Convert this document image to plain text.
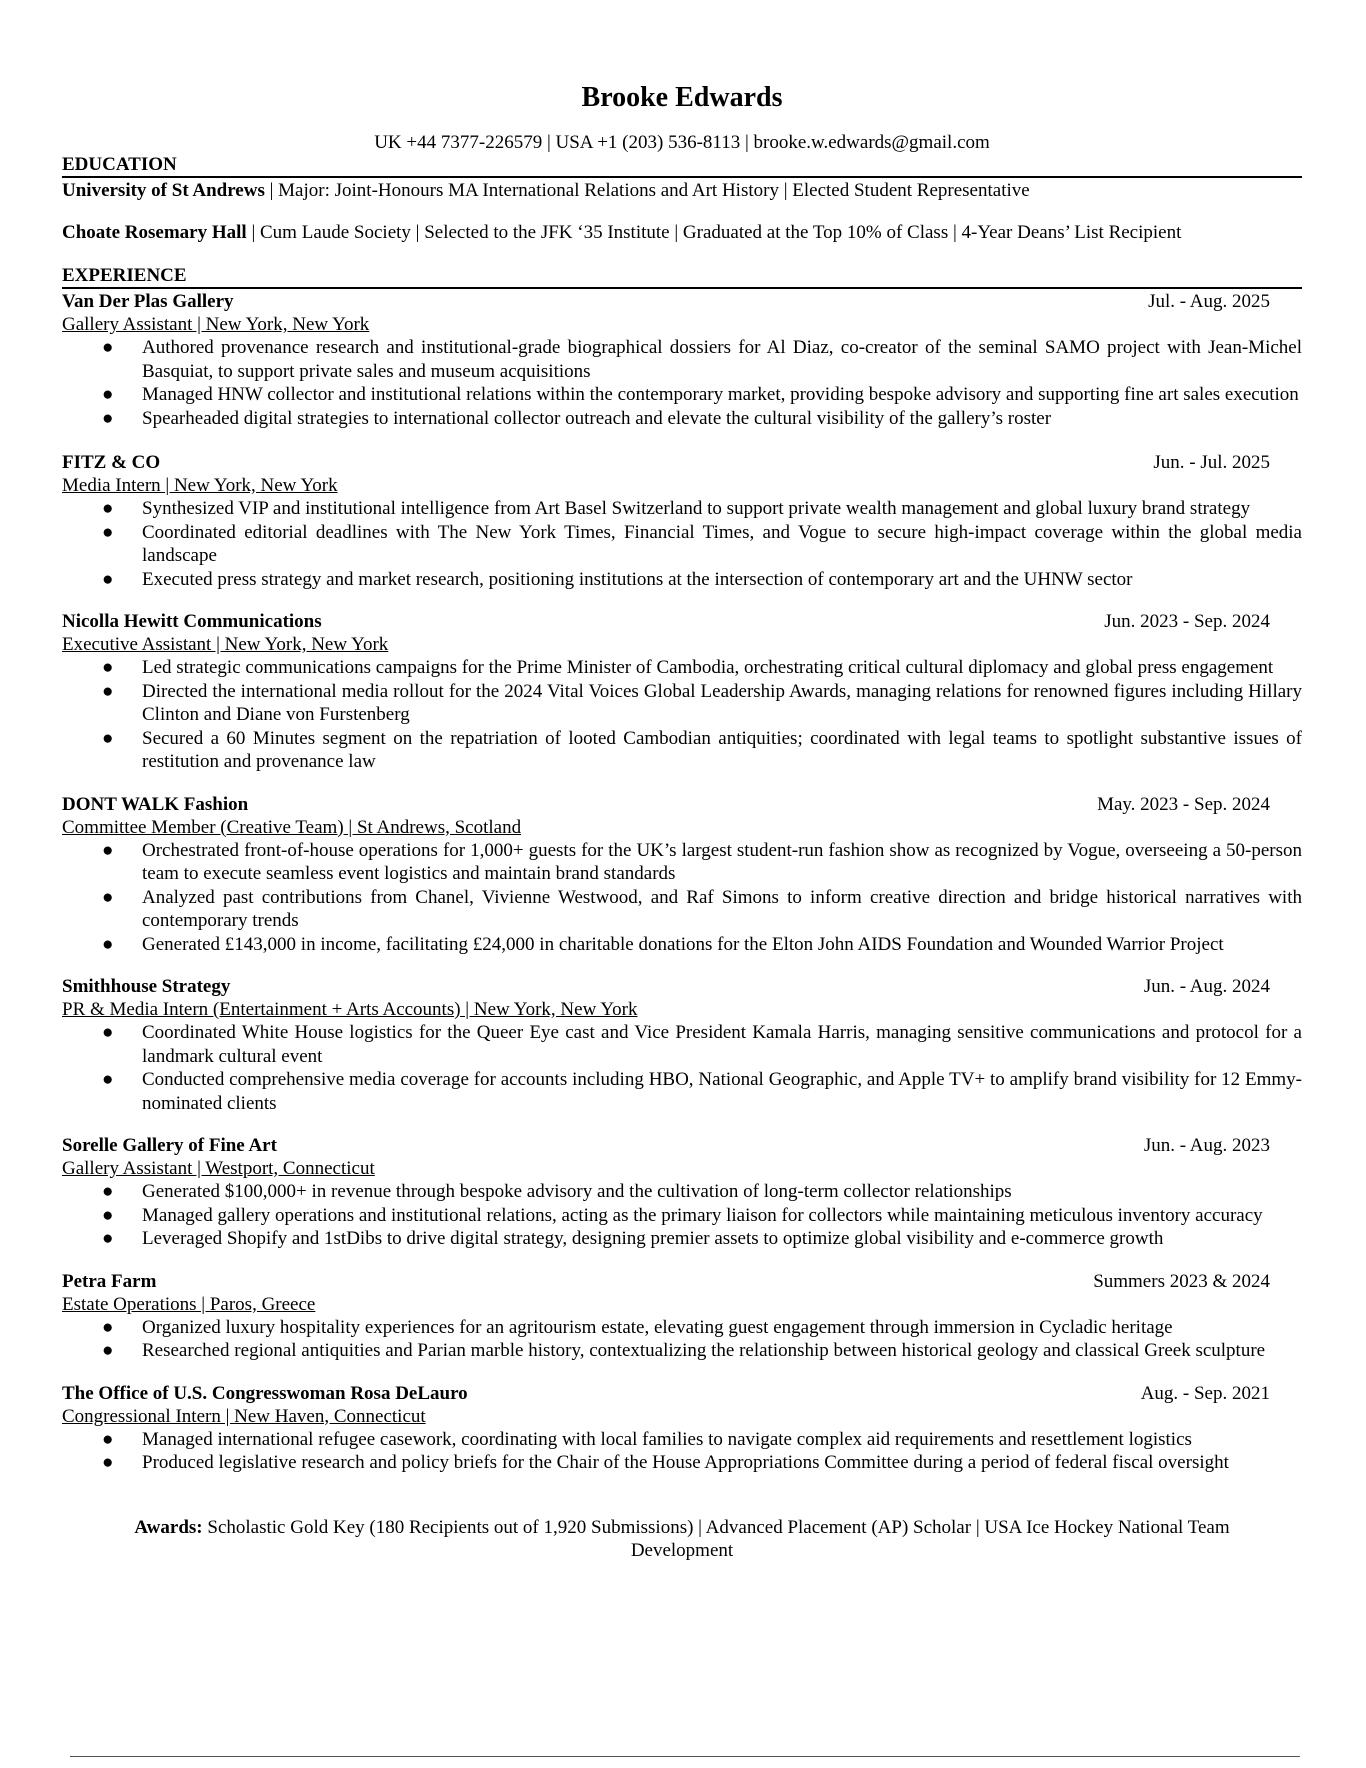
Brooke Edwards
UK +44 7377-226579 | USA +1 (203) 536-8113 | brooke.w.edwards@gmail.com
EDUCATION
University of St Andrews | Major: Joint-Honours MA International Relations and Art History | Elected Student Representative
Choate Rosemary Hall | Cum Laude Society | Selected to the JFK ‘35 Institute | Graduated at the Top 10% of Class | 4-Year Deans’ List Recipient
EXPERIENCE
Van Der Plas Gallery	Jul. - Aug. 2025
Gallery Assistant | New York, New York
● Authored provenance research and institutional-grade biographical dossiers for Al Diaz, co-creator of the seminal SAMO project with Jean-Michel Basquiat, to support private sales and museum acquisitions
● Managed HNW collector and institutional relations within the contemporary market, providing bespoke advisory and supporting fine art sales execution
● Spearheaded digital strategies to international collector outreach and elevate the cultural visibility of the gallery’s roster
FITZ & CO	Jun. - Jul. 2025
Media Intern | New York, New York
● Synthesized VIP and institutional intelligence from Art Basel Switzerland to support private wealth management and global luxury brand strategy
● Coordinated editorial deadlines with The New York Times, Financial Times, and Vogue to secure high-impact coverage within the global media landscape
● Executed press strategy and market research, positioning institutions at the intersection of contemporary art and the UHNW sector
Nicolla Hewitt Communications	Jun. 2023 - Sep. 2024
Executive Assistant | New York, New York
● Led strategic communications campaigns for the Prime Minister of Cambodia, orchestrating critical cultural diplomacy and global press engagement
● Directed the international media rollout for the 2024 Vital Voices Global Leadership Awards, managing relations for renowned figures including Hillary Clinton and Diane von Furstenberg
● Secured a 60 Minutes segment on the repatriation of looted Cambodian antiquities; coordinated with legal teams to spotlight substantive issues of restitution and provenance law
DONT WALK Fashion	May. 2023 - Sep. 2024
Committee Member (Creative Team) | St Andrews, Scotland
● Orchestrated front-of-house operations for 1,000+ guests for the UK’s largest student-run fashion show as recognized by Vogue, overseeing a 50-person team to execute seamless event logistics and maintain brand standards
● Analyzed past contributions from Chanel, Vivienne Westwood, and Raf Simons to inform creative direction and bridge historical narratives with contemporary trends
● Generated £143,000 in income, facilitating £24,000 in charitable donations for the Elton John AIDS Foundation and Wounded Warrior Project
Smithhouse Strategy	Jun. - Aug. 2024
PR & Media Intern (Entertainment + Arts Accounts) | New York, New York
● Coordinated White House logistics for the Queer Eye cast and Vice President Kamala Harris, managing sensitive communications and protocol for a landmark cultural event
● Conducted comprehensive media coverage for accounts including HBO, National Geographic, and Apple TV+ to amplify brand visibility for 12 Emmy-nominated clients
Sorelle Gallery of Fine Art	Jun. - Aug. 2023
Gallery Assistant | Westport, Connecticut
● Generated $100,000+ in revenue through bespoke advisory and the cultivation of long-term collector relationships
● Managed gallery operations and institutional relations, acting as the primary liaison for collectors while maintaining meticulous inventory accuracy
● Leveraged Shopify and 1stDibs to drive digital strategy, designing premier assets to optimize global visibility and e-commerce growth
Petra Farm	Summers 2023 & 2024
Estate Operations | Paros, Greece
● Organized luxury hospitality experiences for an agritourism estate, elevating guest engagement through immersion in Cycladic heritage
● Researched regional antiquities and Parian marble history, contextualizing the relationship between historical geology and classical Greek sculpture
The Office of U.S. Congresswoman Rosa DeLauro	Aug. - Sep. 2021
Congressional Intern | New Haven, Connecticut
● Managed international refugee casework, coordinating with local families to navigate complex aid requirements and resettlement logistics
● Produced legislative research and policy briefs for the Chair of the House Appropriations Committee during a period of federal fiscal oversight
Awards: Scholastic Gold Key (180 Recipients out of 1,920 Submissions) | Advanced Placement (AP) Scholar | USA Ice Hockey National Team Development
